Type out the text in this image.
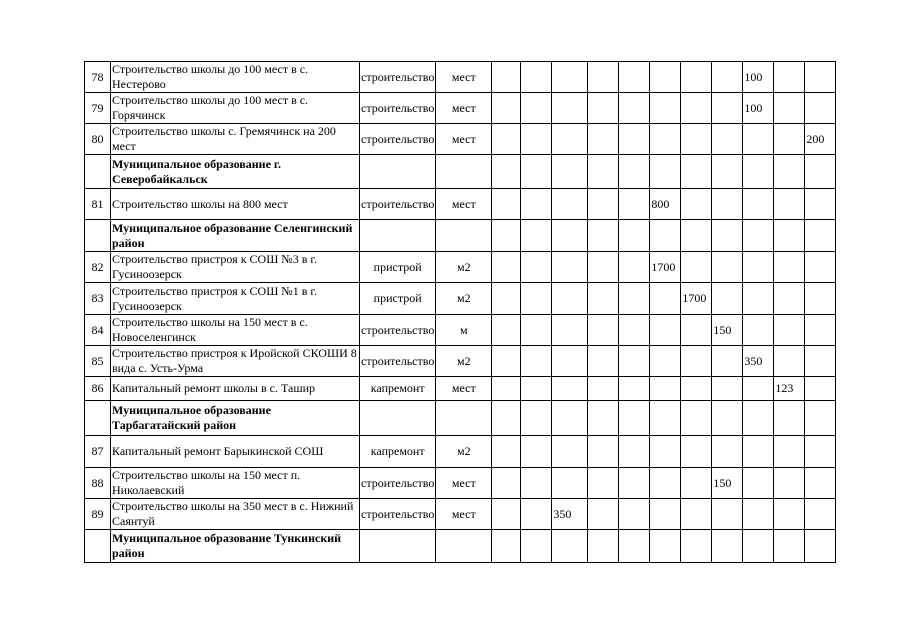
78	Строительство школы до 100 мест в с. Нестерово	строительство	мест									100		
79	Строительство школы до 100 мест в с. Горячинск	строительство	мест									100		
80	Строительство школы с. Гремячинск на 200 мест	строительство	мест											200
	Муниципальное образование г. Северобайкальск													
81	Строительство школы на 800 мест	строительство	мест						800					
	Муниципальное образование Селенгинский район													
82	Строительство пристроя к СОШ №3 в г. Гусиноозерск	пристрой	м2						1700					
83	Строительство пристроя к СОШ №1 в г. Гусиноозерск	пристрой	м2							1700				
84	Строительство школы на 150 мест в с. Новоселенгинск	строительство	м								150			
85	Строительство пристроя к Иройской СКОШИ 8 вида с. Усть-Урма	строительство	м2									350		
86	Капитальный ремонт школы в с. Ташир	капремонт	мест										123	
	Муниципальное образование Тарбагатайский район													
87	Капитальный ремонт Барыкинской СОШ	капремонт	м2											
88	Строительство школы на 150 мест п. Николаевский	строительство	мест								150			
89	Строительство школы на 350 мест в с. Нижний Саянтуй	строительство	мест			350								
	Муниципальное образование Тункинский район													
